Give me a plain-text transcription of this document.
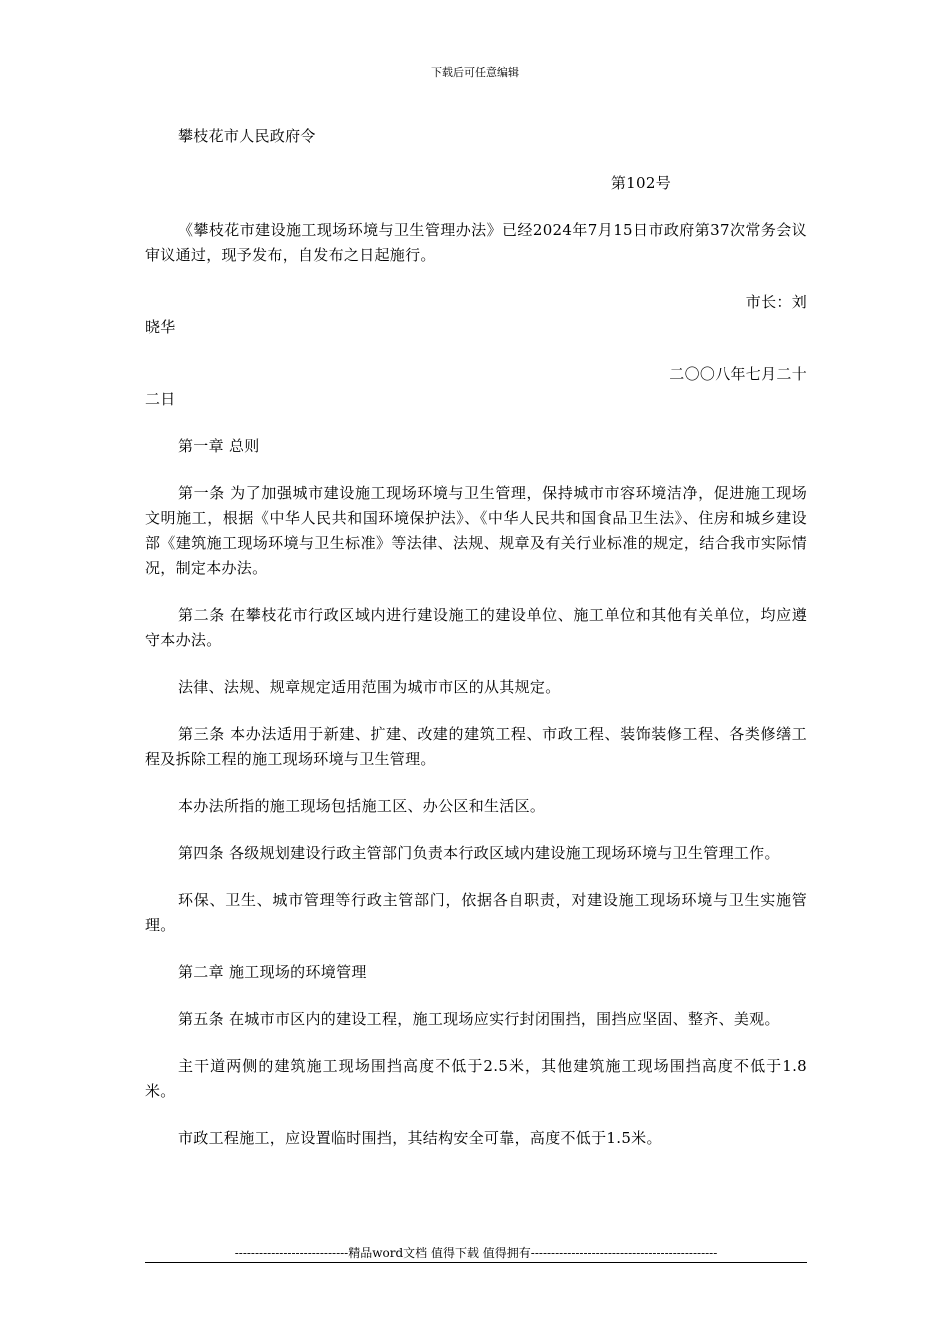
下载后可任意编辑

攀枝花市人民政府令

第102号

《攀枝花市建设施工现场环境与卫生管理办法》已经2024年7月15日市政府第37次常务会议审议通过，现予发布，自发布之日起施行。

市长：刘
晓华
二〇〇八年七月二十
二日

第一章 总则

第一条 为了加强城市建设施工现场环境与卫生管理，保持城市市容环境洁净，促进施工现场文明施工，根据《中华人民共和国环境保护法》、《中华人民共和国食品卫生法》、住房和城乡建设部《建筑施工现场环境与卫生标准》等法律、法规、规章及有关行业标准的规定，结合我市实际情况，制定本办法。

第二条 在攀枝花市行政区域内进行建设施工的建设单位、施工单位和其他有关单位，均应遵守本办法。

法律、法规、规章规定适用范围为城市市区的从其规定。

第三条 本办法适用于新建、扩建、改建的建筑工程、市政工程、装饰装修工程、各类修缮工程及拆除工程的施工现场环境与卫生管理。

本办法所指的施工现场包括施工区、办公区和生活区。

第四条 各级规划建设行政主管部门负责本行政区域内建设施工现场环境与卫生管理工作。

环保、卫生、城市管理等行政主管部门，依据各自职责，对建设施工现场环境与卫生实施管理。

第二章 施工现场的环境管理

第五条 在城市市区内的建设工程，施工现场应实行封闭围挡，围挡应坚固、整齐、美观。

主干道两侧的建筑施工现场围挡高度不低于2.5米，其他建筑施工现场围挡高度不低于1.8米。

市政工程施工，应设置临时围挡，其结构安全可靠，高度不低于1.5米。

----------------------------精品word文档 值得下载 值得拥有----------------------------------------------
